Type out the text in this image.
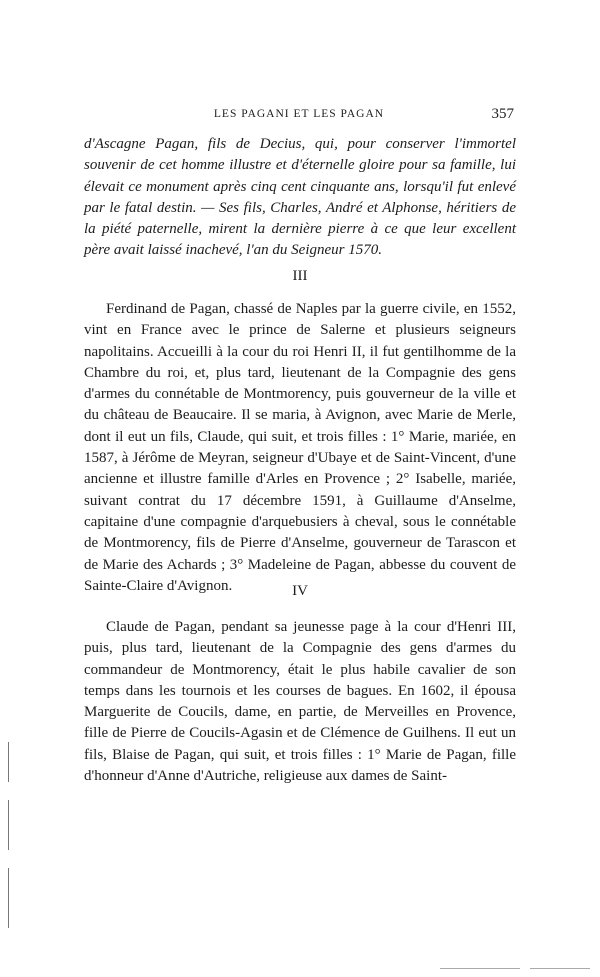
LES PAGANI ET LES PAGAN	357

d'Ascagne Pagan, fils de Decius, qui, pour conserver l'immortel souvenir de cet homme illustre et d'éternelle gloire pour sa famille, lui élevait ce monument après cinq cent cinquante ans, lorsqu'il fut enlevé par le fatal destin. — Ses fils, Charles, André et Alphonse, héritiers de la piété paternelle, mirent la dernière pierre à ce que leur excellent père avait laissé inachevé, l'an du Seigneur 1570.

III

Ferdinand de Pagan, chassé de Naples par la guerre civile, en 1552, vint en France avec le prince de Salerne et plusieurs seigneurs napolitains. Accueilli à la cour du roi Henri II, il fut gentilhomme de la Chambre du roi, et, plus tard, lieutenant de la Compagnie des gens d'armes du connétable de Montmorency, puis gouverneur de la ville et du château de Beaucaire. Il se maria, à Avignon, avec Marie de Merle, dont il eut un fils, Claude, qui suit, et trois filles : 1° Marie, mariée, en 1587, à Jérôme de Meyran, seigneur d'Ubaye et de Saint-Vincent, d'une ancienne et illustre famille d'Arles en Provence ; 2° Isabelle, mariée, suivant contrat du 17 décembre 1591, à Guillaume d'Anselme, capitaine d'une compagnie d'arquebusiers à cheval, sous le connétable de Montmorency, fils de Pierre d'Anselme, gouverneur de Tarascon et de Marie des Achards ; 3° Madeleine de Pagan, abbesse du couvent de Sainte-Claire d'Avignon.	IV

Claude de Pagan, pendant sa jeunesse page à la cour d'Henri III, puis, plus tard, lieutenant de la Compagnie des gens d'armes du commandeur de Montmorency, était le plus habile cavalier de son temps dans les tournois et les courses de bagues. En 1602, il épousa Marguerite de Coucils, dame, en partie, de Merveilles en Provence, fille de Pierre de Coucils-Agasin et de Clémence de Guilhens. Il eut un fils, Blaise de Pagan, qui suit, et trois filles : 1° Marie de Pagan, fille d'honneur d'Anne d'Autriche, religieuse aux dames de Saint-
